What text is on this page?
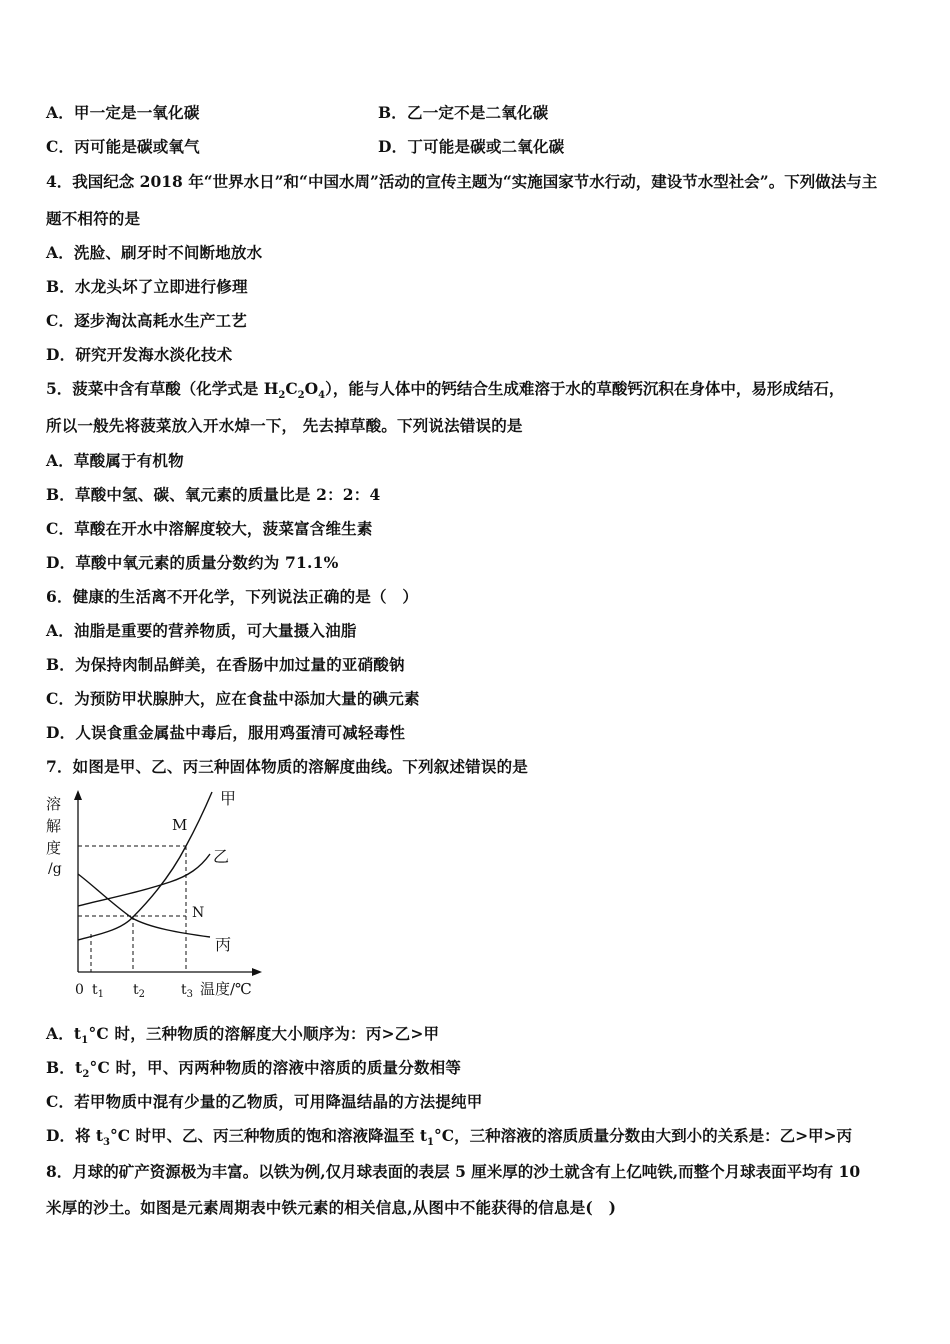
A．甲一定是一氧化碳	B．乙一定不是二氧化碳
C．丙可能是碳或氧气	D．丁可能是碳或二氧化碳
4．我国纪念 2018 年“世界水日”和“中国水周”活动的宣传主题为“实施国家节水行动，建设节水型社会”。下列做法与主
题不相符的是
A．洗脸、刷牙时不间断地放水
B．水龙头坏了立即进行修理
C．逐步淘汰高耗水生产工艺
D．研究开发海水淡化技术
5．菠菜中含有草酸（化学式是 $H_2C_2O_4$），能与人体中的钙结合生成难溶于水的草酸钙沉积在身体中，易形成结石，
所以一般先将菠菜放入开水焯一下， 先去掉草酸。下列说法错误的是
A．草酸属于有机物
B．草酸中氢、碳、氧元素的质量比是 2：2：4
C．草酸在开水中溶解度较大，菠菜富含维生素
D．草酸中氧元素的质量分数约为 71.1%
6．健康的生活离不开化学，下列说法正确的是（　）
A．油脂是重要的营养物质，可大量摄入油脂
B．为保持肉制品鲜美，在香肠中加过量的亚硝酸钠
C．为预防甲状腺肿大，应在食盐中添加大量的碘元素
D．人误食重金属盐中毒后，服用鸡蛋清可减轻毒性
7．如图是甲、乙、丙三种固体物质的溶解度曲线。下列叙述错误的是
溶
解
度
/g
甲
乙
丙
M
N
0 $t_1$ $t_2$	$t_3$ 温度/℃
A．$t_1^\circ C$ 时，三种物质的溶解度大小顺序为：丙>乙>甲
B．$t_2^\circ C$ 时，甲、丙两种物质的溶液中溶质的质量分数相等
C．若甲物质中混有少量的乙物质，可用降温结晶的方法提纯甲
D．将 $t_3^\circ C$ 时甲、乙、丙三种物质的饱和溶液降温至 $t_1^\circ C$，三种溶液的溶质质量分数由大到小的关系是：乙>甲>丙
8．月球的矿产资源极为丰富。以铁为例,仅月球表面的表层 5 厘米厚的沙土就含有上亿吨铁,而整个月球表面平均有 10
米厚的沙土。如图是元素周期表中铁元素的相关信息,从图中不能获得的信息是(　)
